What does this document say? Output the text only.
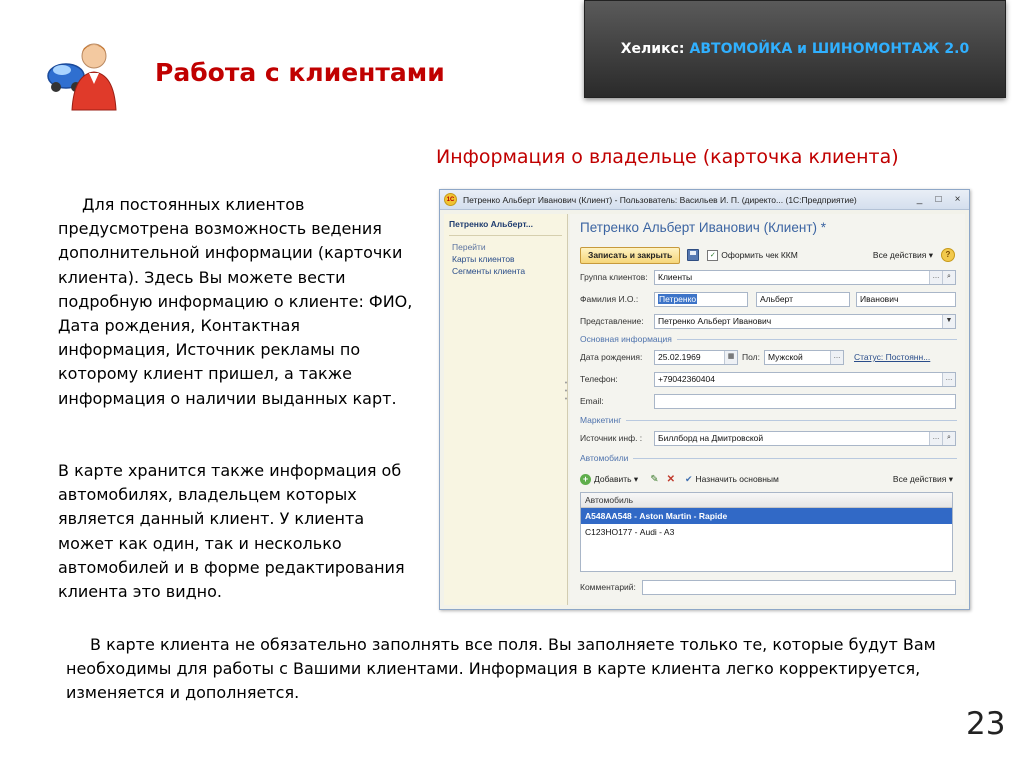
Работа с клиентами
Хеликс: АВТОМОЙКА и ШИНОМОНТАЖ 2.0
Информация о владельце (карточка клиента)

Для постоянных клиентов предусмотрена возможность ведения дополнительной информации (карточки клиента). Здесь Вы можете вести подробную информацию о клиенте: ФИО, Дата рождения, Контактная информация, Источник рекламы по которому клиент пришел, а также информация о наличии выданных карт.

В карте хранится также информация об автомобилях, владельцем которых является данный клиент. У клиента может как один, так и несколько автомобилей и в форме редактирования клиента это видно.

В карте клиента не обязательно заполнять все поля. Вы заполняете только те, которые будут Вам необходимы для работы с Вашими клиентами. Информация в карте клиента легко корректируется, изменяется и дополняется.

23
1С	Петренко Альберт Иванович (Клиент) - Пользователь: Васильев И. П. (директо... (1С:Предприятие)	_	□	×
Петренко Альберт...
Перейти
Карты клиентов
Сегменты клиента
•
•
•
Петренко Альберт Иванович (Клиент) *
Записать и закрыть	✓ Оформить чек ККМ	Все действия ▾	?
Группа клиентов:	Клиенты	…	⌕
Фамилия И.О.:	Петренко	Альберт	Иванович
Представление:	Петренко Альберт Иванович	▼
Основная информация
Дата рождения:	25.02.1969	▦ Пол: Мужской	… Статус: Постоянн...
Телефон:	+79042360404	…
Email:
Маркетинг
Источник инф. :	Биллборд на Дмитровской	…	⌕
Автомобили
+ Добавить ▾ ✎ ✕ ✔ Назначить основным	Все действия ▾
Автомобиль
А548АА548 - Aston Martin - Rapide
С123НО177 - Audi - A3
Комментарий:
